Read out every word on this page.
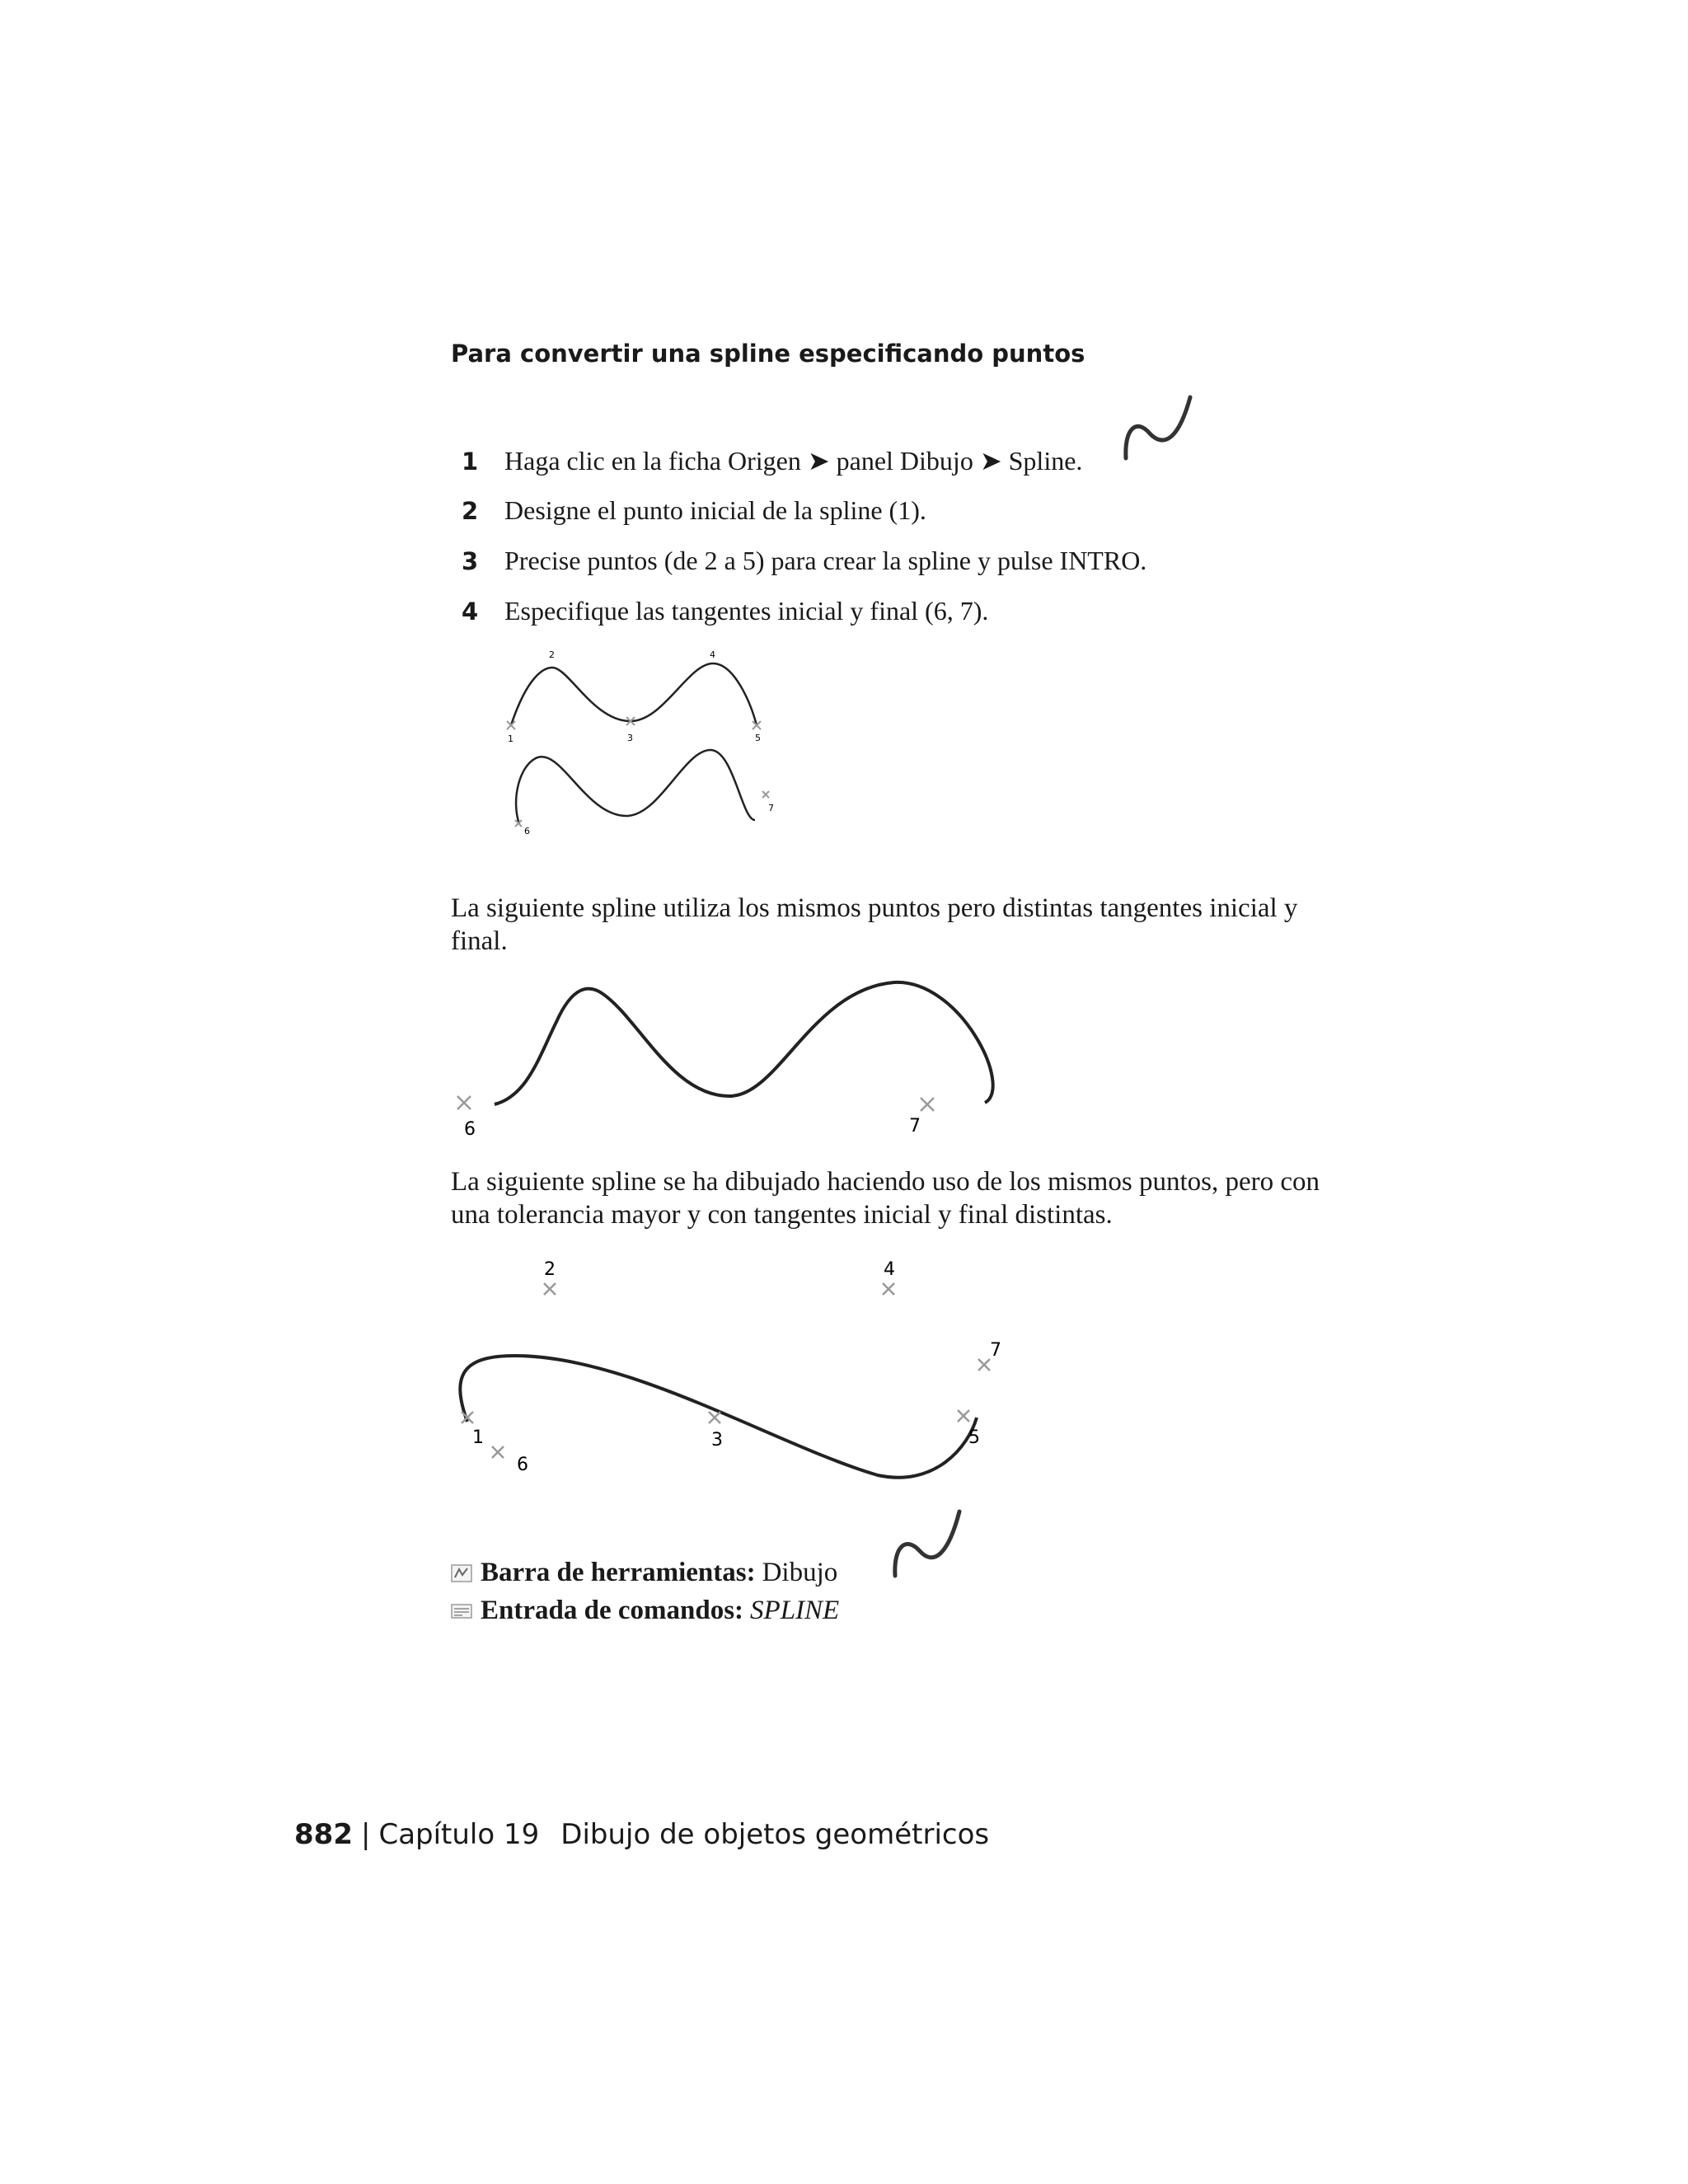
Para convertir una spline especificando puntos
1 Haga clic en la ficha Origen ➤ panel Dibujo ➤ Spline.
2 Designe el punto inicial de la spline (1).
3 Precise puntos (de 2 a 5) para crear la spline y pulse INTRO.
4 Especifique las tangentes inicial y final (6, 7).
1
2
3
4
5
6
7
La siguiente spline utiliza los mismos puntos pero distintas tangentes inicial y final.
6	7
La siguiente spline se ha dibujado haciendo uso de los mismos puntos, pero con una tolerancia mayor y con tangentes inicial y final distintas.
2	4
7
1	3	5
6
Barra de herramientas: Dibujo
Entrada de comandos: SPLINE
882 | Capítulo 19 Dibujo de objetos geométricos
